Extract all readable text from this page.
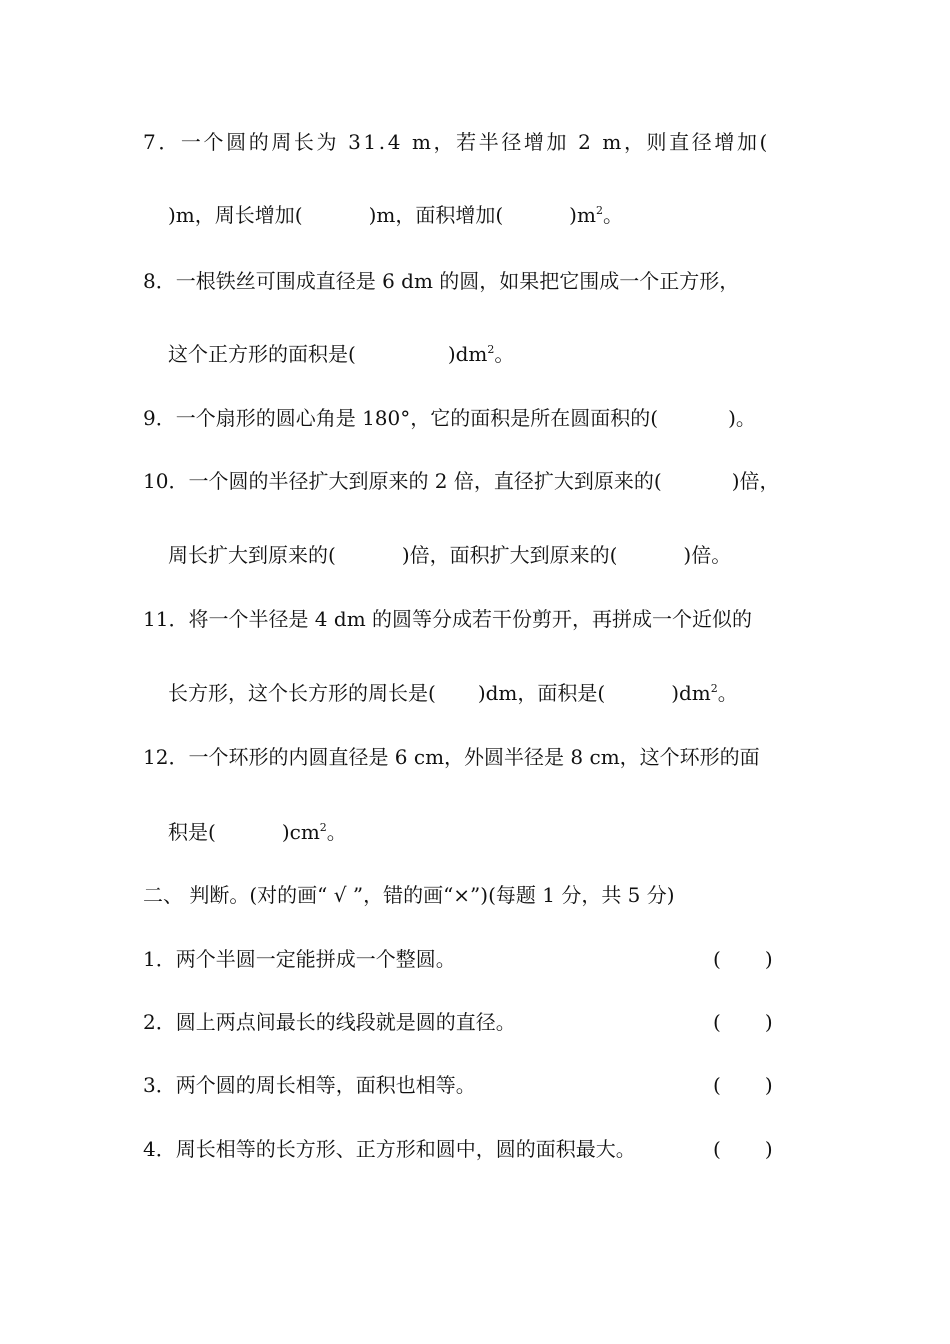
7．一个圆的周长为 31.4 m，若半径增加 2 m，则直径增加(
)m，周长增加(	)m，面积增加(	)$m^2$。
8．一根铁丝可围成直径是 6 dm 的圆，如果把它围成一个正方形，
这个正方形的面积是(	)$dm^2$。
9．一个扇形的圆心角是 180°，它的面积是所在圆面积的(	)。
10．一个圆的半径扩大到原来的 2 倍，直径扩大到原来的(	)倍，
周长扩大到原来的(	)倍，面积扩大到原来的(	)倍。
11．将一个半径是 4 dm 的圆等分成若干份剪开，再拼成一个近似的
长方形，这个长方形的周长是( )dm，面积是(	)$dm^2$。
12．一个环形的内圆直径是 6 cm，外圆半径是 8 cm，这个环形的面
积是(	)$cm^2$。
二、 判断。(对的画“ √ ”，错的画“×”)(每题 1 分，共 5 分)
1．两个半圆一定能拼成一个整圆。	( )
2．圆上两点间最长的线段就是圆的直径。	( )
3．两个圆的周长相等，面积也相等。	( )
4．周长相等的长方形、正方形和圆中，圆的面积最大。	( )
